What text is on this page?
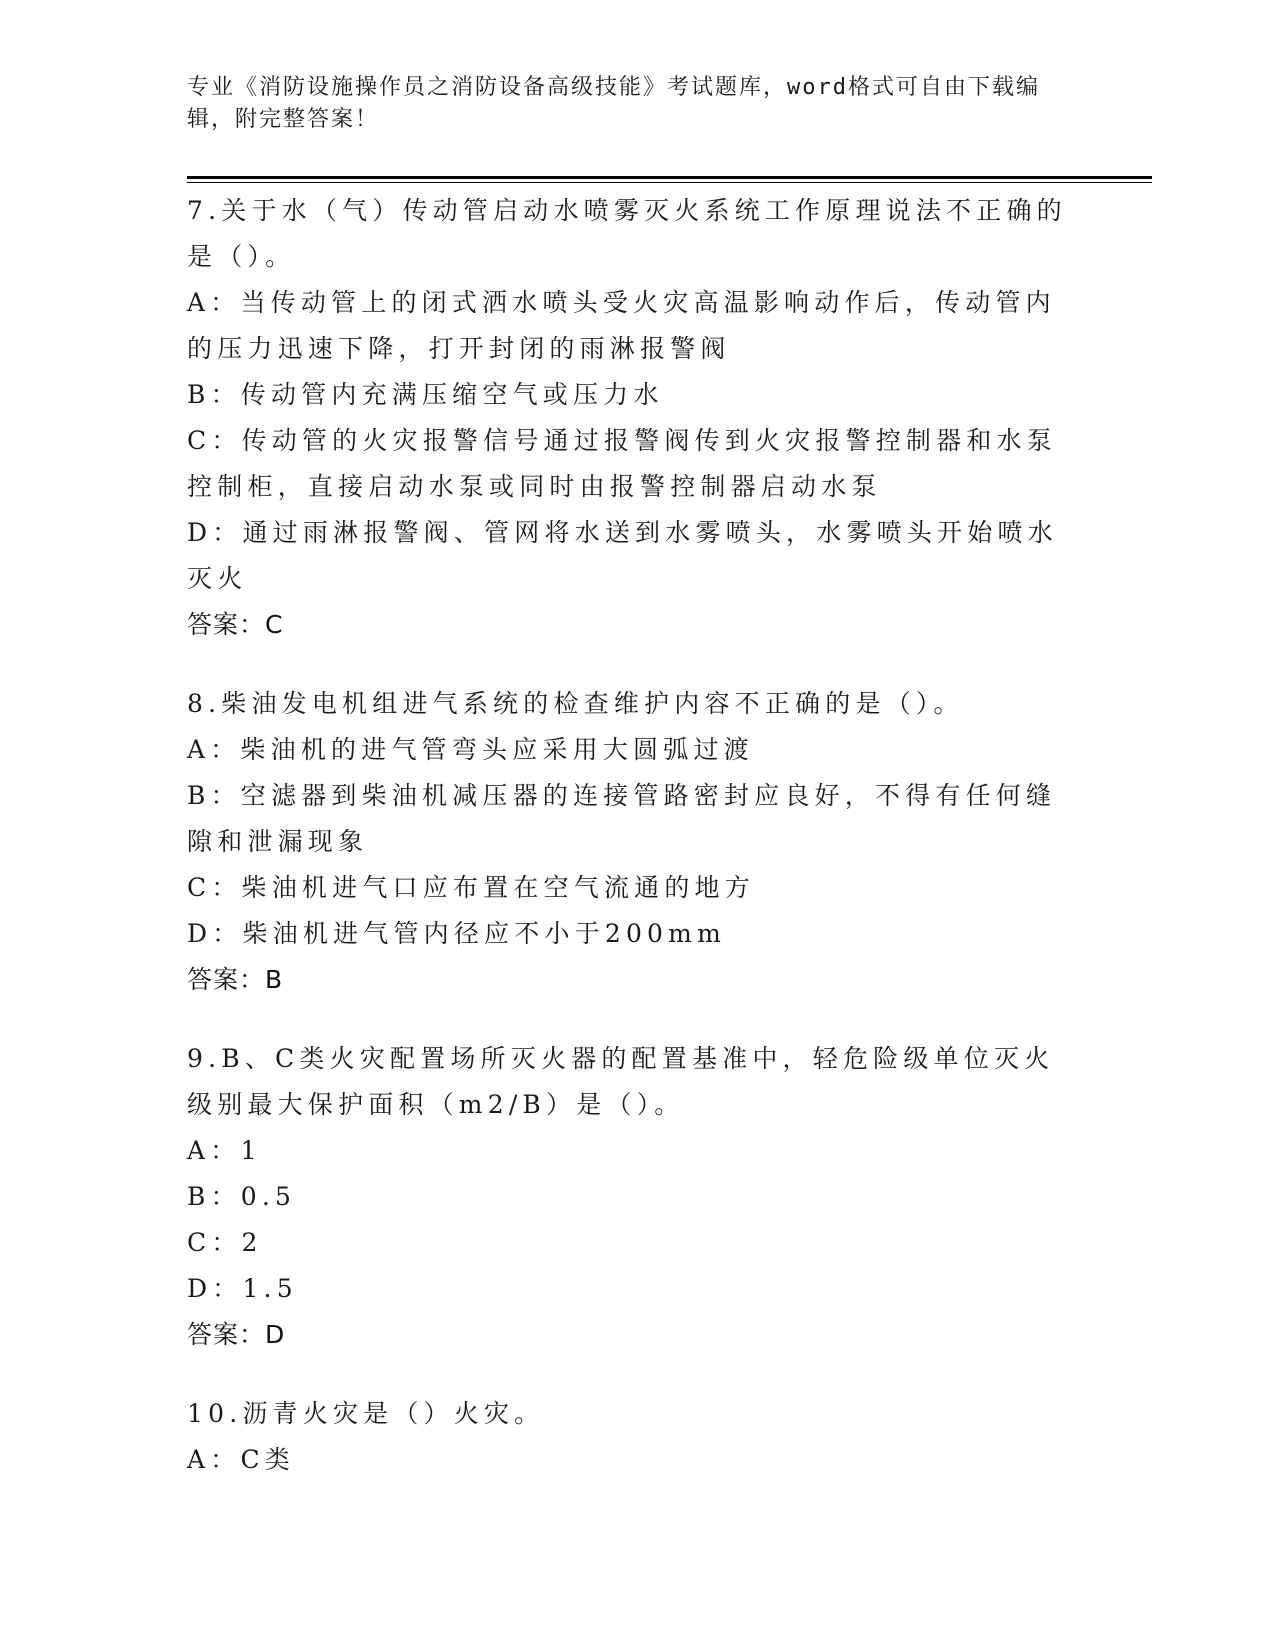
专业《消防设施操作员之消防设备高级技能》考试题库，word格式可自由下载编辑，附完整答案！

7.关于水（气）传动管启动水喷雾灭火系统工作原理说法不正确的是（）。

A：当传动管上的闭式洒水喷头受火灾高温影响动作后，传动管内的压力迅速下降，打开封闭的雨淋报警阀

B：传动管内充满压缩空气或压力水

C：传动管的火灾报警信号通过报警阀传到火灾报警控制器和水泵控制柜，直接启动水泵或同时由报警控制器启动水泵

D：通过雨淋报警阀、管网将水送到水雾喷头，水雾喷头开始喷水灭火

答案：C

8.柴油发电机组进气系统的检查维护内容不正确的是（）。

A：柴油机的进气管弯头应采用大圆弧过渡

B：空滤器到柴油机减压器的连接管路密封应良好，不得有任何缝隙和泄漏现象

C：柴油机进气口应布置在空气流通的地方

D：柴油机进气管内径应不小于200mm

答案：B

9.B、C类火灾配置场所灭火器的配置基准中，轻危险级单位灭火级别最大保护面积（m2/B）是（）。

A：1

B：0.5

C：2

D：1.5

答案：D

10.沥青火灾是（）火灾。

A：C类
